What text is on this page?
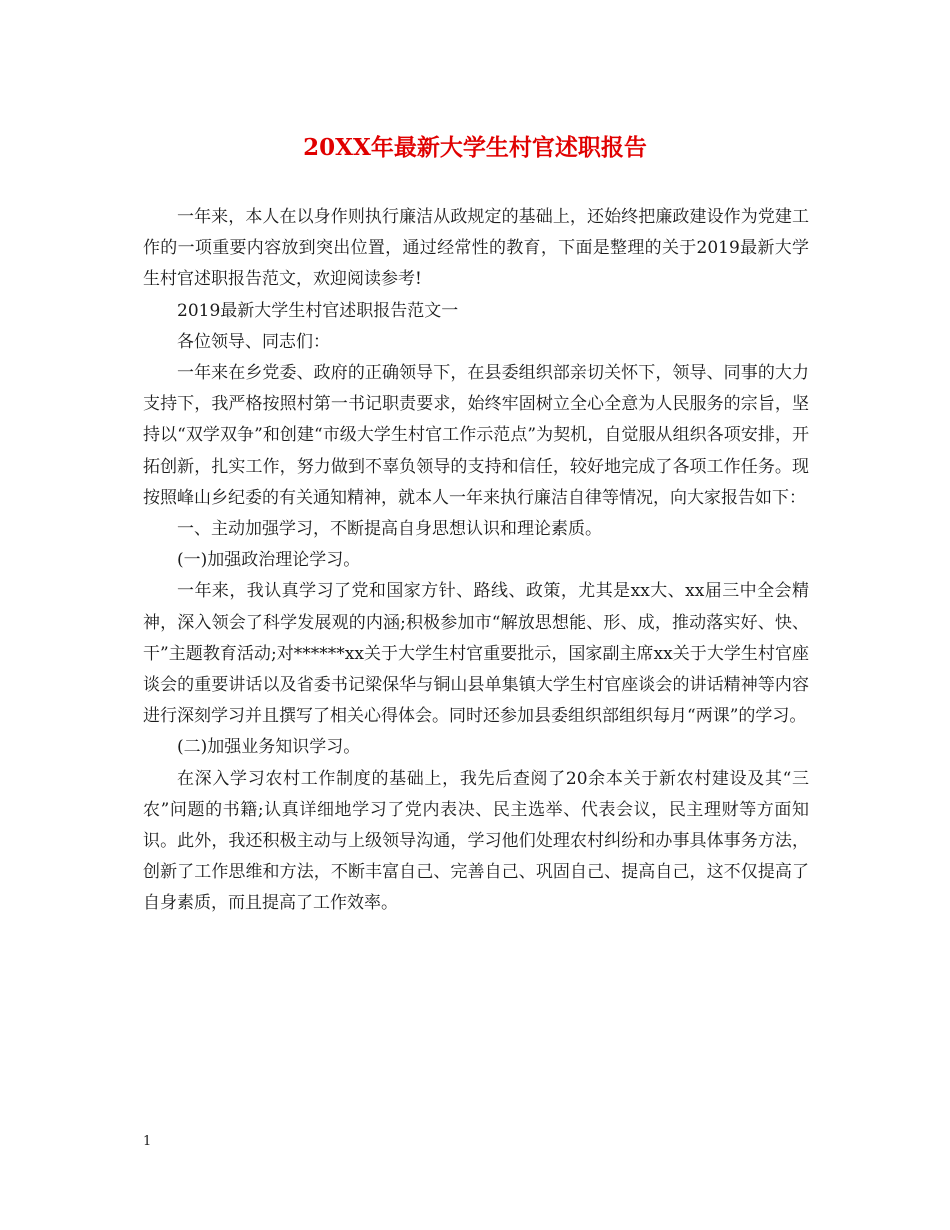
20XX年最新大学生村官述职报告

一年来，本人在以身作则执行廉洁从政规定的基础上，还始终把廉政建设作为党建工作的一项重要内容放到突出位置，通过经常性的教育，下面是整理的关于2019最新大学生村官述职报告范文，欢迎阅读参考!

2019最新大学生村官述职报告范文一

各位领导、同志们：

一年来在乡党委、政府的正确领导下，在县委组织部亲切关怀下，领导、同事的大力支持下，我严格按照村第一书记职责要求，始终牢固树立全心全意为人民服务的宗旨，坚持以“双学双争”和创建“市级大学生村官工作示范点”为契机，自觉服从组织各项安排，开拓创新，扎实工作，努力做到不辜负领导的支持和信任，较好地完成了各项工作任务。现按照峰山乡纪委的有关通知精神，就本人一年来执行廉洁自律等情况，向大家报告如下：

一、主动加强学习，不断提高自身思想认识和理论素质。

(一)加强政治理论学习。

一年来，我认真学习了党和国家方针、路线、政策，尤其是xx大、xx届三中全会精神，深入领会了科学发展观的内涵;积极参加市“解放思想能、形、成，推动落实好、快、干”主题教育活动;对******xx关于大学生村官重要批示，国家副主席xx关于大学生村官座谈会的重要讲话以及省委书记梁保华与铜山县单集镇大学生村官座谈会的讲话精神等内容进行深刻学习并且撰写了相关心得体会。同时还参加县委组织部组织每月“两课”的学习。

(二)加强业务知识学习。

在深入学习农村工作制度的基础上，我先后查阅了20余本关于新农村建设及其“三农”问题的书籍;认真详细地学习了党内表决、民主选举、代表会议，民主理财等方面知识。此外，我还积极主动与上级领导沟通，学习他们处理农村纠纷和办事具体事务方法，创新了工作思维和方法，不断丰富自己、完善自己、巩固自己、提高自己，这不仅提高了自身素质，而且提高了工作效率。

1
